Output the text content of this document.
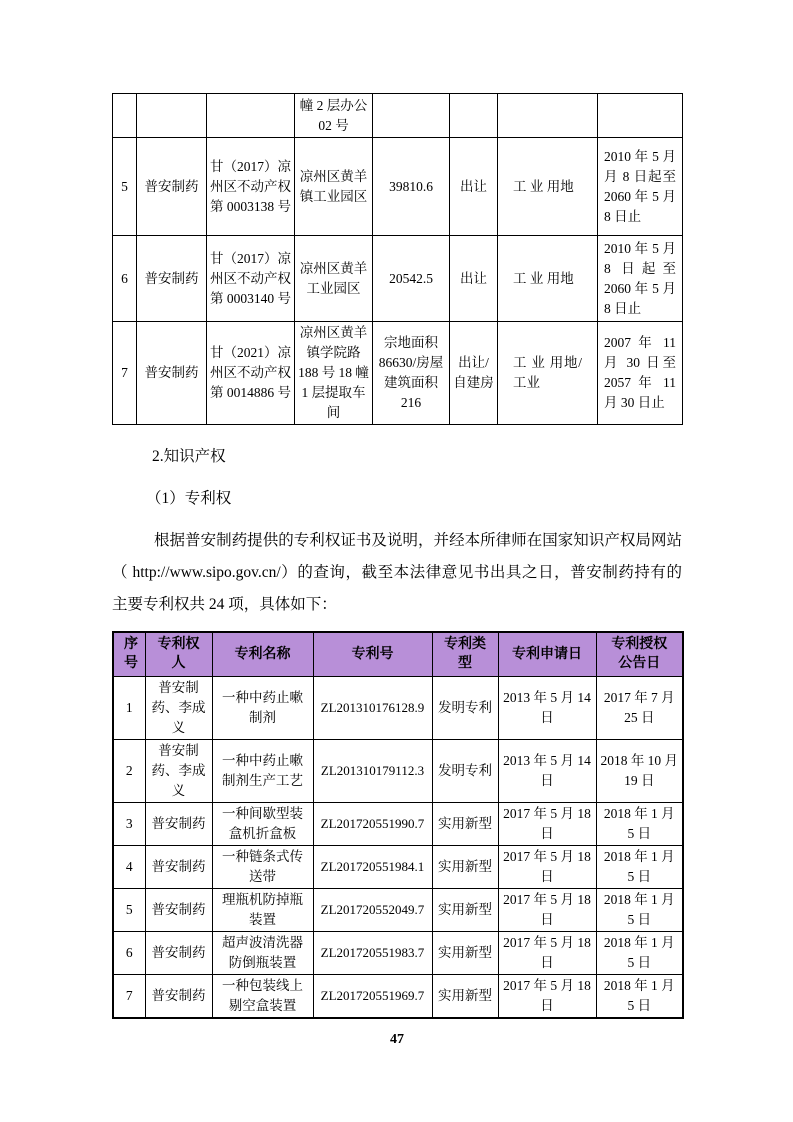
			幢 2 层办公 02 号				
5	普安制药	甘（2017）凉州区不动产权第 0003138 号	凉州区黄羊镇工业园区	39810.6	出让	工 业 用地	2010 年 5 月月 8 日起至 2060 年 5 月 8 日止
6	普安制药	甘（2017）凉州区不动产权第 0003140 号	凉州区黄羊工业园区	20542.5	出让	工 业 用地	2010 年 5 月 8 日起至 2060 年 5 月 8 日止
7	普安制药	甘（2021）凉州区不动产权第 0014886 号	凉州区黄羊镇学院路 188 号 18 幢 1 层提取车间	宗地面积 86630/房屋建筑面积 216	出让/自建房	工 业 用地/工业	2007 年 11 月 30 日至 2057 年 11 月 30 日止
2.知识产权
（1）专利权

根据普安制药提供的专利权证书及说明，并经本所律师在国家知识产权局网站（ http://www.sipo.gov.cn/）的查询，截至本法律意见书出具之日，普安制药持有的主要专利权共 24 项，具体如下：

序号	专利权人	专利名称	专利号	专利类型	专利申请日	专利授权公告日
1	普安制药、李成义	一种中药止嗽制剂	ZL201310176128.9	发明专利	2013 年 5 月 14 日	2017 年 7 月 25 日
2	普安制药、李成义	一种中药止嗽制剂生产工艺	ZL201310179112.3	发明专利	2013 年 5 月 14 日	2018 年 10 月 19 日
3	普安制药	一种间歇型装盒机折盒板	ZL201720551990.7	实用新型	2017 年 5 月 18 日	2018 年 1 月 5 日
4	普安制药	一种链条式传送带	ZL201720551984.1	实用新型	2017 年 5 月 18 日	2018 年 1 月 5 日
5	普安制药	理瓶机防掉瓶装置	ZL201720552049.7	实用新型	2017 年 5 月 18 日	2018 年 1 月 5 日
6	普安制药	超声波清洗器防倒瓶装置	ZL201720551983.7	实用新型	2017 年 5 月 18 日	2018 年 1 月 5 日
7	普安制药	一种包装线上剔空盒装置	ZL201720551969.7	实用新型	2017 年 5 月 18 日	2018 年 1 月 5 日
47
